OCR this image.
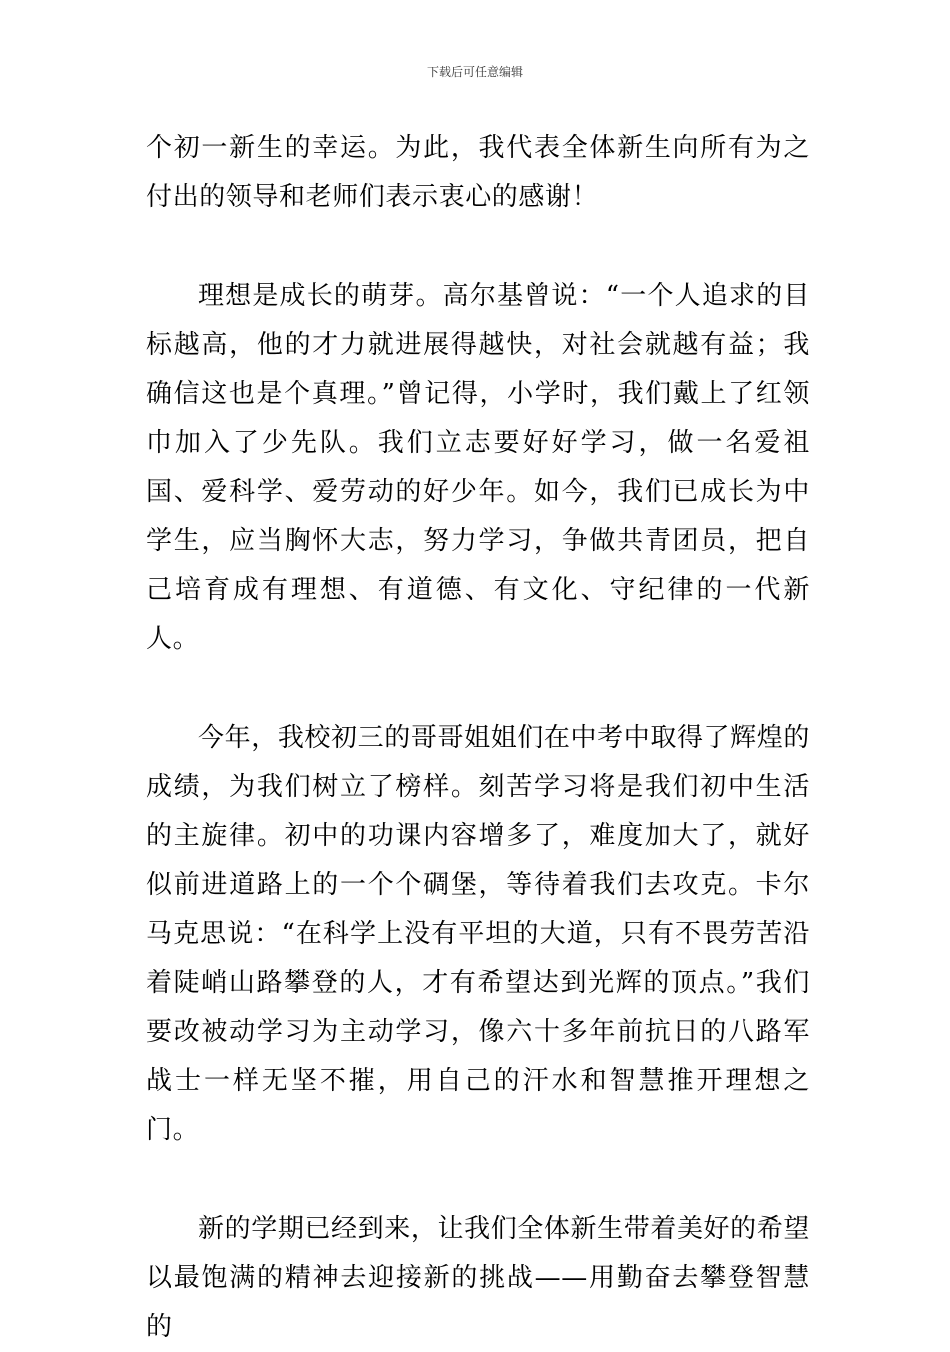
下载后可任意编辑

个初一新生的幸运。为此，我代表全体新生向所有为之付出的领导和老师们表示衷心的感谢！

理想是成长的萌芽。高尔基曾说：“一个人追求的目标越高，他的才力就进展得越快，对社会就越有益；我确信这也是个真理。”曾记得，小学时，我们戴上了红领巾加入了少先队。我们立志要好好学习，做一名爱祖国、爱科学、爱劳动的好少年。如今，我们已成长为中学生，应当胸怀大志，努力学习，争做共青团员，把自己培育成有理想、有道德、有文化、守纪律的一代新人。

今年，我校初三的哥哥姐姐们在中考中取得了辉煌的成绩，为我们树立了榜样。刻苦学习将是我们初中生活的主旋律。初中的功课内容增多了，难度加大了，就好似前进道路上的一个个碉堡，等待着我们去攻克。卡尔马克思说：“在科学上没有平坦的大道，只有不畏劳苦沿着陡峭山路攀登的人，才有希望达到光辉的顶点。”我们要改被动学习为主动学习，像六十多年前抗日的八路军战士一样无坚不摧，用自己的汗水和智慧推开理想之门。

新的学期已经到来，让我们全体新生带着美好的希望以最饱满的精神去迎接新的挑战——用勤奋去攀登智慧的
